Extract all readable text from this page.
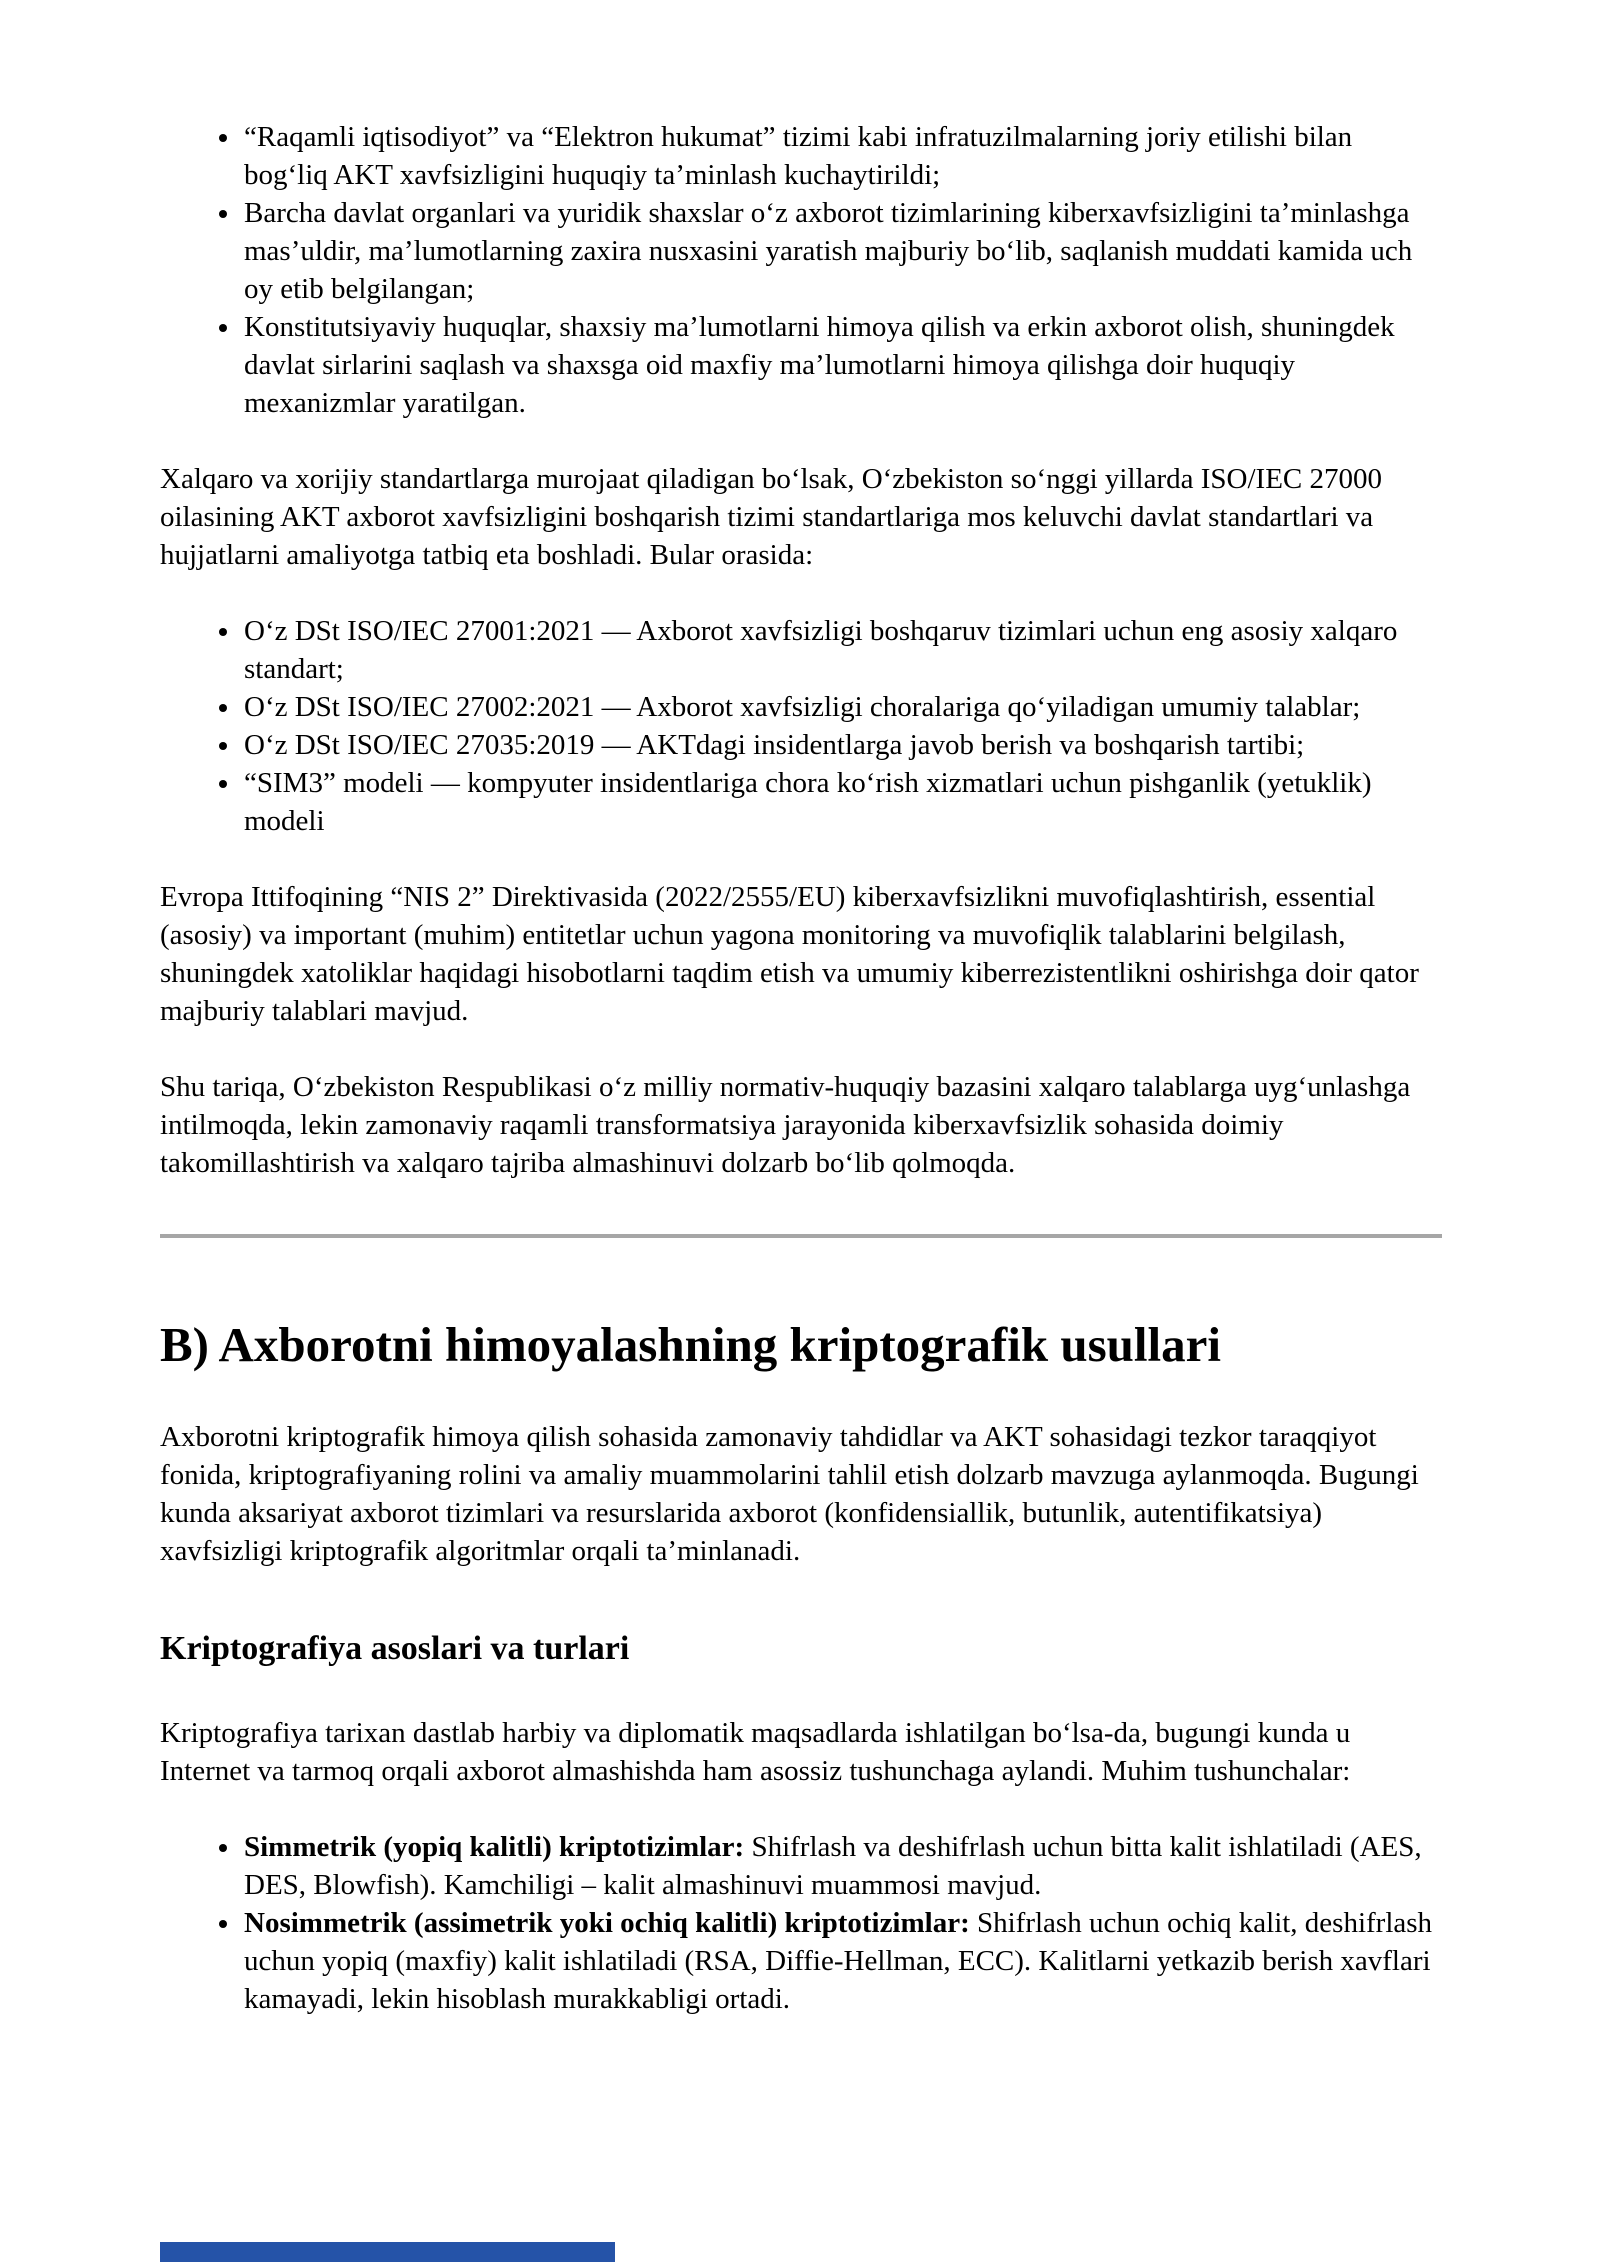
• “Raqamli iqtisodiyot” va “Elektron hukumat” tizimi kabi infratuzilmalarning joriy etilishi bilan bog‘liq AKT xavfsizligini huquqiy ta’minlash kuchaytirildi;
• Barcha davlat organlari va yuridik shaxslar o‘z axborot tizimlarining kiberxavfsizligini ta’minlashga mas’uldir, ma’lumotlarning zaxira nusxasini yaratish majburiy bo‘lib, saqlanish muddati kamida uch oy etib belgilangan;
• Konstitutsiyaviy huquqlar, shaxsiy ma’lumotlarni himoya qilish va erkin axborot olish, shuningdek davlat sirlarini saqlash va shaxsga oid maxfiy ma’lumotlarni himoya qilishga doir huquqiy mexanizmlar yaratilgan.

Xalqaro va xorijiy standartlarga murojaat qiladigan bo‘lsak, O‘zbekiston so‘nggi yillarda ISO/IEC 27000 oilasining AKT axborot xavfsizligini boshqarish tizimi standartlariga mos keluvchi davlat standartlari va hujjatlarni amaliyotga tatbiq eta boshladi. Bular orasida:

• O‘z DSt ISO/IEC 27001:2021 — Axborot xavfsizligi boshqaruv tizimlari uchun eng asosiy xalqaro standart;
• O‘z DSt ISO/IEC 27002:2021 — Axborot xavfsizligi choralariga qo‘yiladigan umumiy talablar;
• O‘z DSt ISO/IEC 27035:2019 — AKTdagi insidentlarga javob berish va boshqarish tartibi;
• “SIM3” modeli — kompyuter insidentlariga chora ko‘rish xizmatlari uchun pishganlik (yetuklik) modeli

Evropa Ittifoqining “NIS 2” Direktivasida (2022/2555/EU) kiberxavfsizlikni muvofiqlashtirish, essential (asosiy) va important (muhim) entitetlar uchun yagona monitoring va muvofiqlik talablarini belgilash, shuningdek xatoliklar haqidagi hisobotlarni taqdim etish va umumiy kiberrezistentlikni oshirishga doir qator majburiy talablari mavjud.

Shu tariqa, O‘zbekiston Respublikasi o‘z milliy normativ-huquqiy bazasini xalqaro talablarga uyg‘unlashga intilmoqda, lekin zamonaviy raqamli transformatsiya jarayonida kiberxavfsizlik sohasida doimiy takomillashtirish va xalqaro tajriba almashinuvi dolzarb bo‘lib qolmoqda.

B) Axborotni himoyalashning kriptografik usullari

Axborotni kriptografik himoya qilish sohasida zamonaviy tahdidlar va AKT sohasidagi tezkor taraqqiyot fonida, kriptografiyaning rolini va amaliy muammolarini tahlil etish dolzarb mavzuga aylanmoqda. Bugungi kunda aksariyat axborot tizimlari va resurslarida axborot (konfidensiallik, butunlik, autentifikatsiya) xavfsizligi kriptografik algoritmlar orqali ta’minlanadi.

Kriptografiya asoslari va turlari

Kriptografiya tarixan dastlab harbiy va diplomatik maqsadlarda ishlatilgan bo‘lsa-da, bugungi kunda u Internet va tarmoq orqali axborot almashishda ham asossiz tushunchaga aylandi. Muhim tushunchalar:

• Simmetrik (yopiq kalitli) kriptotizimlar: Shifrlash va deshifrlash uchun bitta kalit ishlatiladi (AES, DES, Blowfish). Kamchiligi – kalit almashinuvi muammosi mavjud.
• Nosimmetrik (assimetrik yoki ochiq kalitli) kriptotizimlar: Shifrlash uchun ochiq kalit, deshifrlash uchun yopiq (maxfiy) kalit ishlatiladi (RSA, Diffie-Hellman, ECC). Kalitlarni yetkazib berish xavflari kamayadi, lekin hisoblash murakkabligi ortadi.
